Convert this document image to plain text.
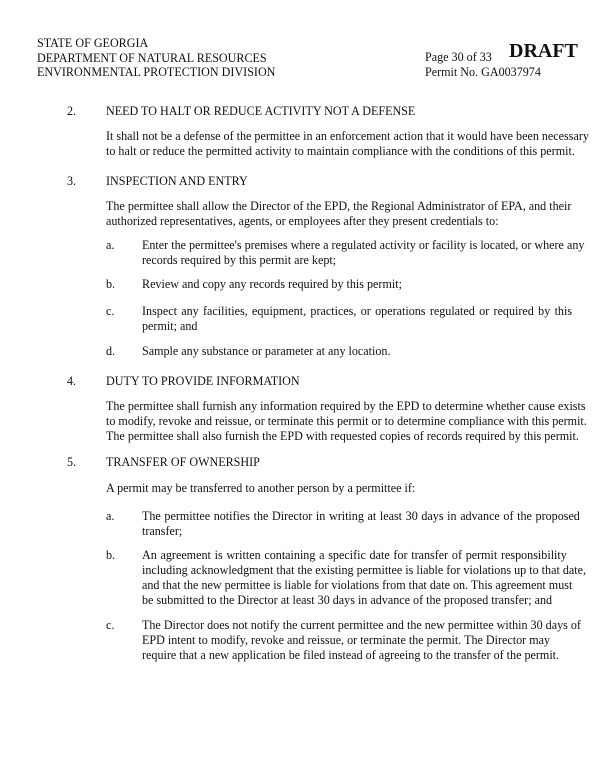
STATE OF GEORGIA
DEPARTMENT OF NATURAL RESOURCES
ENVIRONMENTAL PROTECTION DIVISION
Page 30 of 33
Permit No. GA0037974
DRAFT
2. NEED TO HALT OR REDUCE ACTIVITY NOT A DEFENSE
It shall not be a defense of the permittee in an enforcement action that it would have been necessary
to halt or reduce the permitted activity to maintain compliance with the conditions of this permit.
3. INSPECTION AND ENTRY
The permittee shall allow the Director of the EPD, the Regional Administrator of EPA, and their
authorized representatives, agents, or employees after they present credentials to:
a. Enter the permittee's premises where a regulated activity or facility is located, or where any
records required by this permit are kept;
b. Review and copy any records required by this permit;
c. Inspect any facilities, equipment, practices, or operations regulated or required by this
permit; and
d. Sample any substance or parameter at any location.
4. DUTY TO PROVIDE INFORMATION
The permittee shall furnish any information required by the EPD to determine whether cause exists
to modify, revoke and reissue, or terminate this permit or to determine compliance with this permit.
The permittee shall also furnish the EPD with requested copies of records required by this permit.
5. TRANSFER OF OWNERSHIP
A permit may be transferred to another person by a permittee if:
a. The permittee notifies the Director in writing at least 30 days in advance of the proposed
transfer;
b. An agreement is written containing a specific date for transfer of permit responsibility
including acknowledgment that the existing permittee is liable for violations up to that date,
and that the new permittee is liable for violations from that date on. This agreement must
be submitted to the Director at least 30 days in advance of the proposed transfer; and
c. The Director does not notify the current permittee and the new permittee within 30 days of
EPD intent to modify, revoke and reissue, or terminate the permit. The Director may
require that a new application be filed instead of agreeing to the transfer of the permit.
